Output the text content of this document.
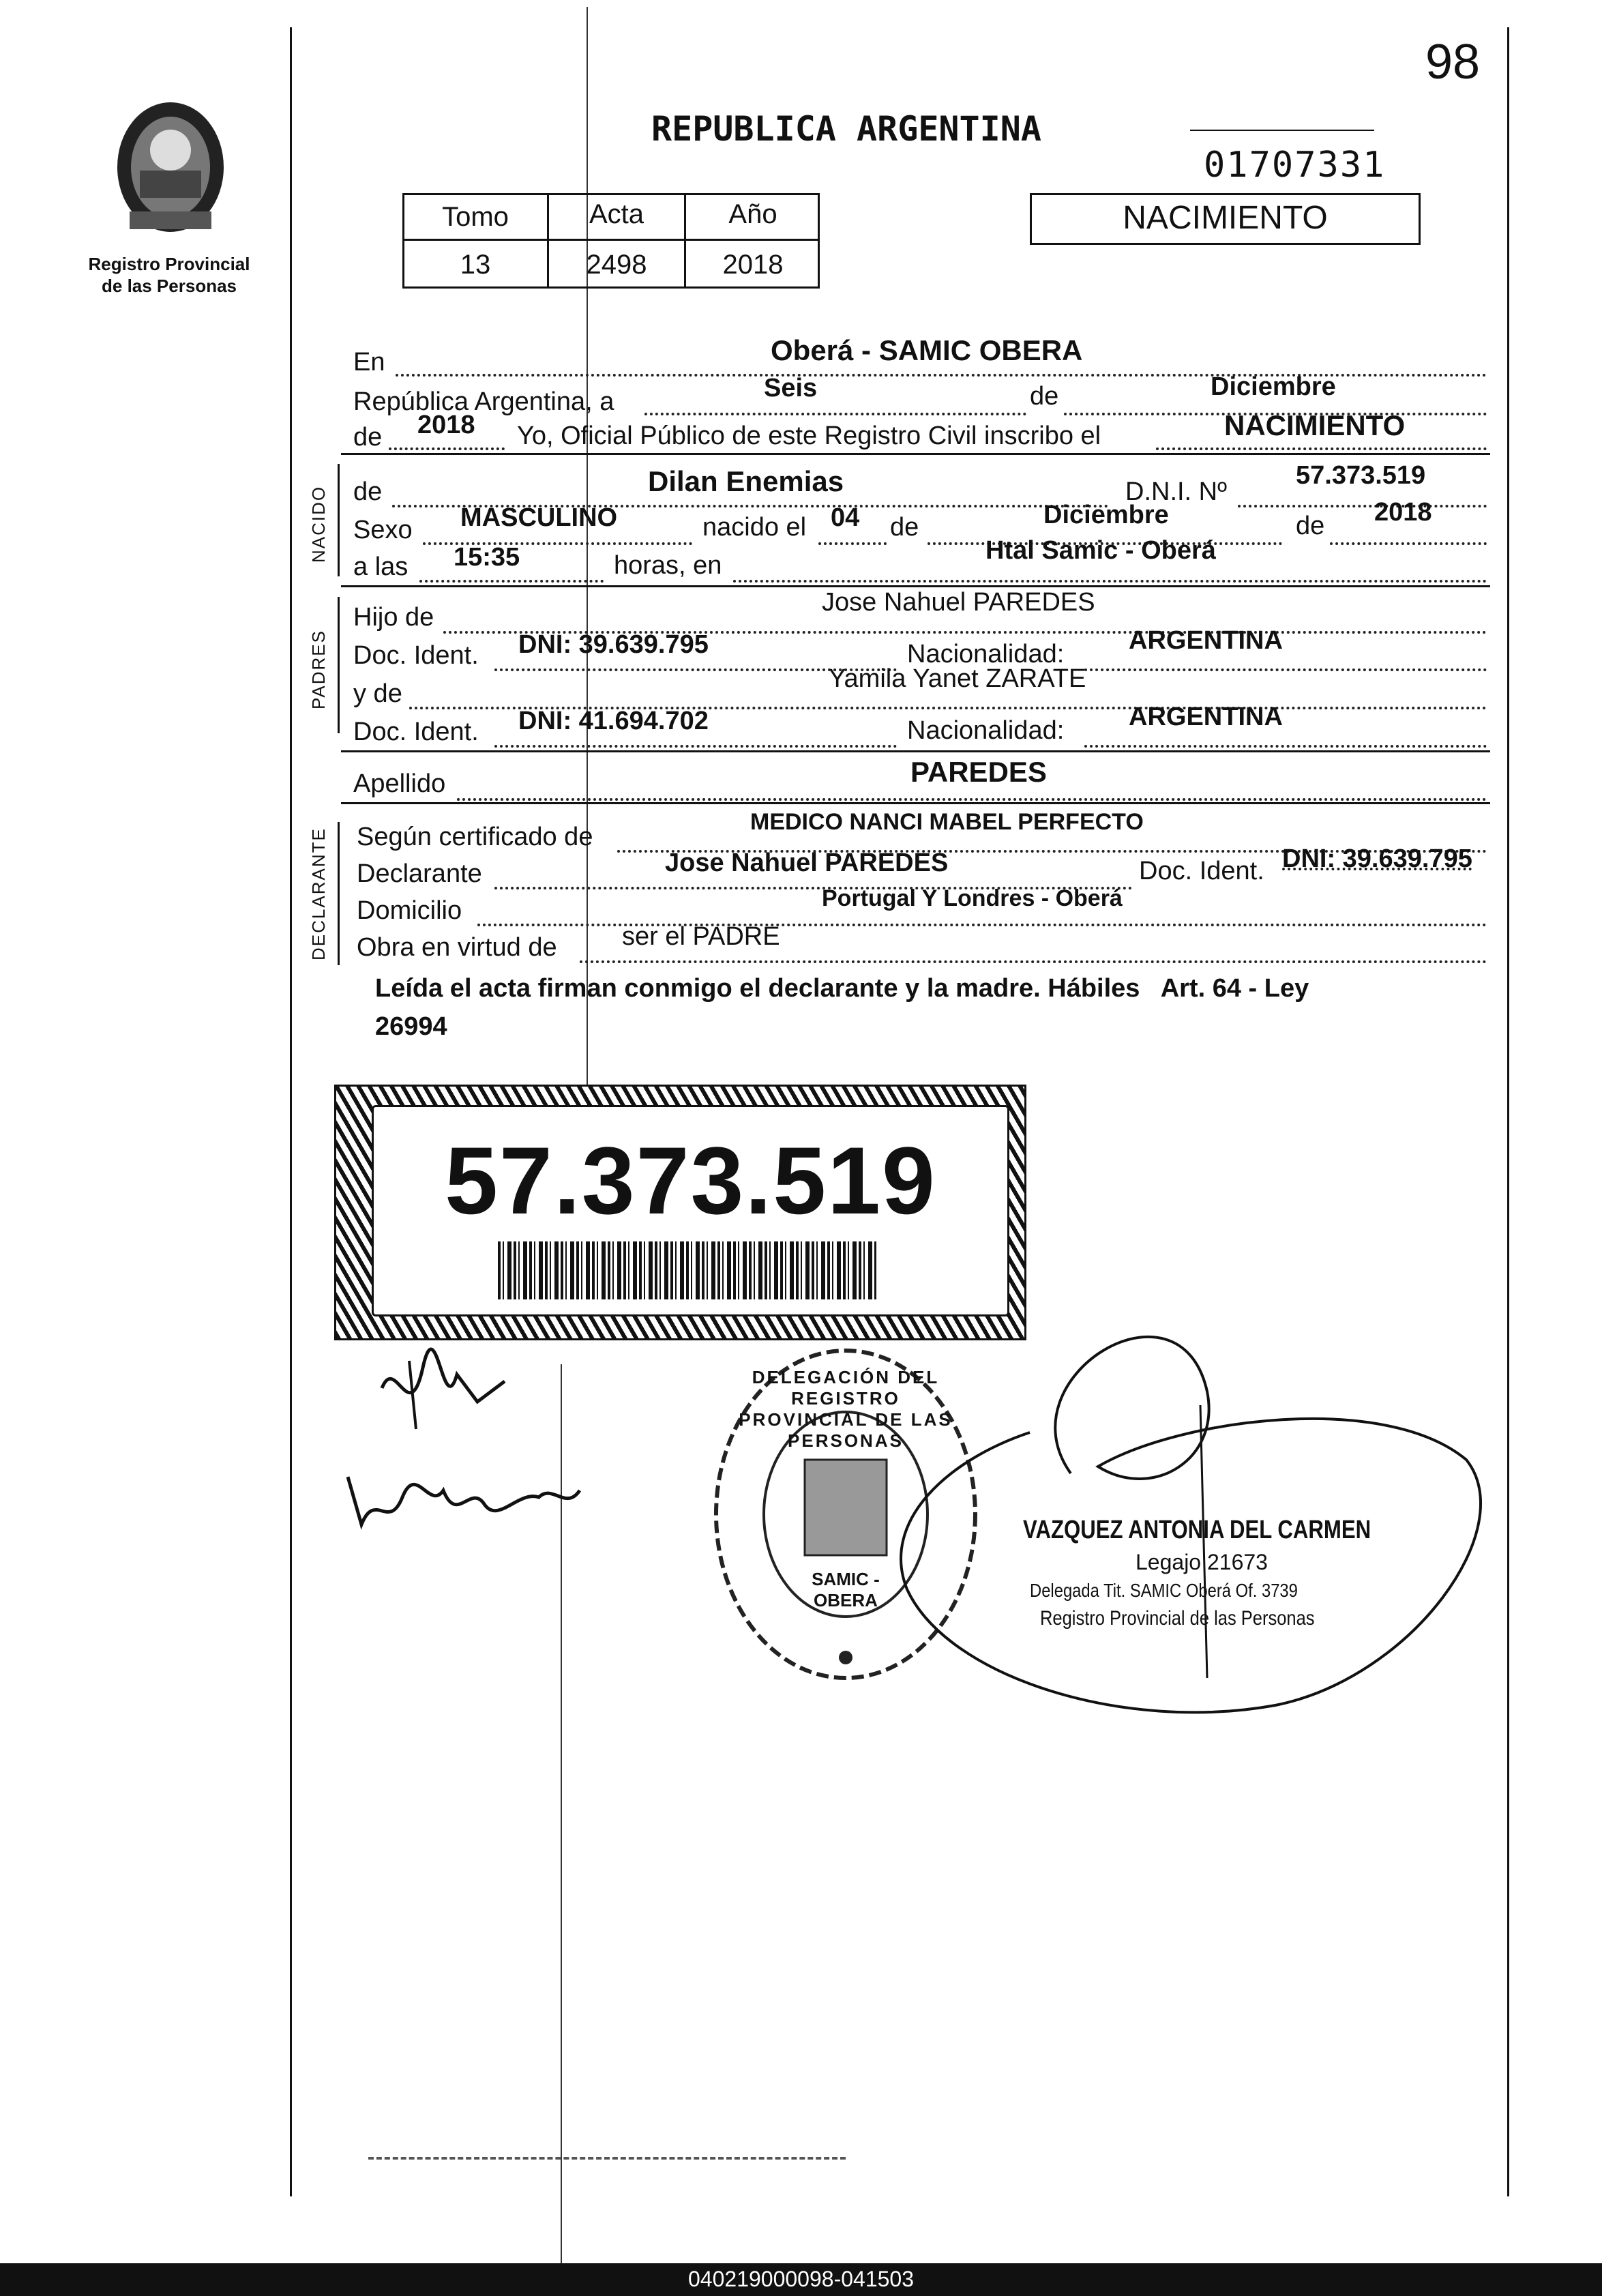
98
Registro Provincial
de las Personas
REPUBLICA ARGENTINA
01707331
NACIMIENTO
Tomo	Acta	Año
13	2498	2018
En	Oberá - SAMIC OBERA
República Argentina, a	Seis	de	Diciembre
de 2018 Yo, Oficial Público de este Registro Civil inscribo el	NACIMIENTO
NACIDO de	Dilan Enemias	D.N.I. Nº
57.373.519
Sexo MASCULINO	nacido el 04 de	Diciembre	de 2018
a las 15:35	horas, en
Htal Samic - Oberá
PADRES
Hijo de
Jose Nahuel PAREDES
Doc. Ident. DNI: 39.639.795	Nacionalidad: ARGENTINA
y de
Yamila Yanet ZARATE
Doc. Ident. DNI: 41.694.702	Nacionalidad: ARGENTINA
Apellido	PAREDES
DECLARANTE Según certificado de
MEDICO NANCI MABEL PERFECTO
Declarante	Jose Nahuel PAREDES	Doc. Ident. DNI: 39.639.795
Domicilio	Portugal Y Londres - Oberá
Obra en virtud de	ser el PADRE
Leída el acta firman conmigo el declarante y la madre. Hábiles   Art. 64 - Ley
26994
57.373.519
DELEGACIÓN DEL REGISTRO PROVINCIAL DE LAS PERSONAS
SAMIC - OBERA
VAZQUEZ ANTONIA DEL CARMEN
Legajo 21673
Delegada Tit. SAMIC Oberá Of. 3739
Registro Provincial de las Personas
040219000098-041503
